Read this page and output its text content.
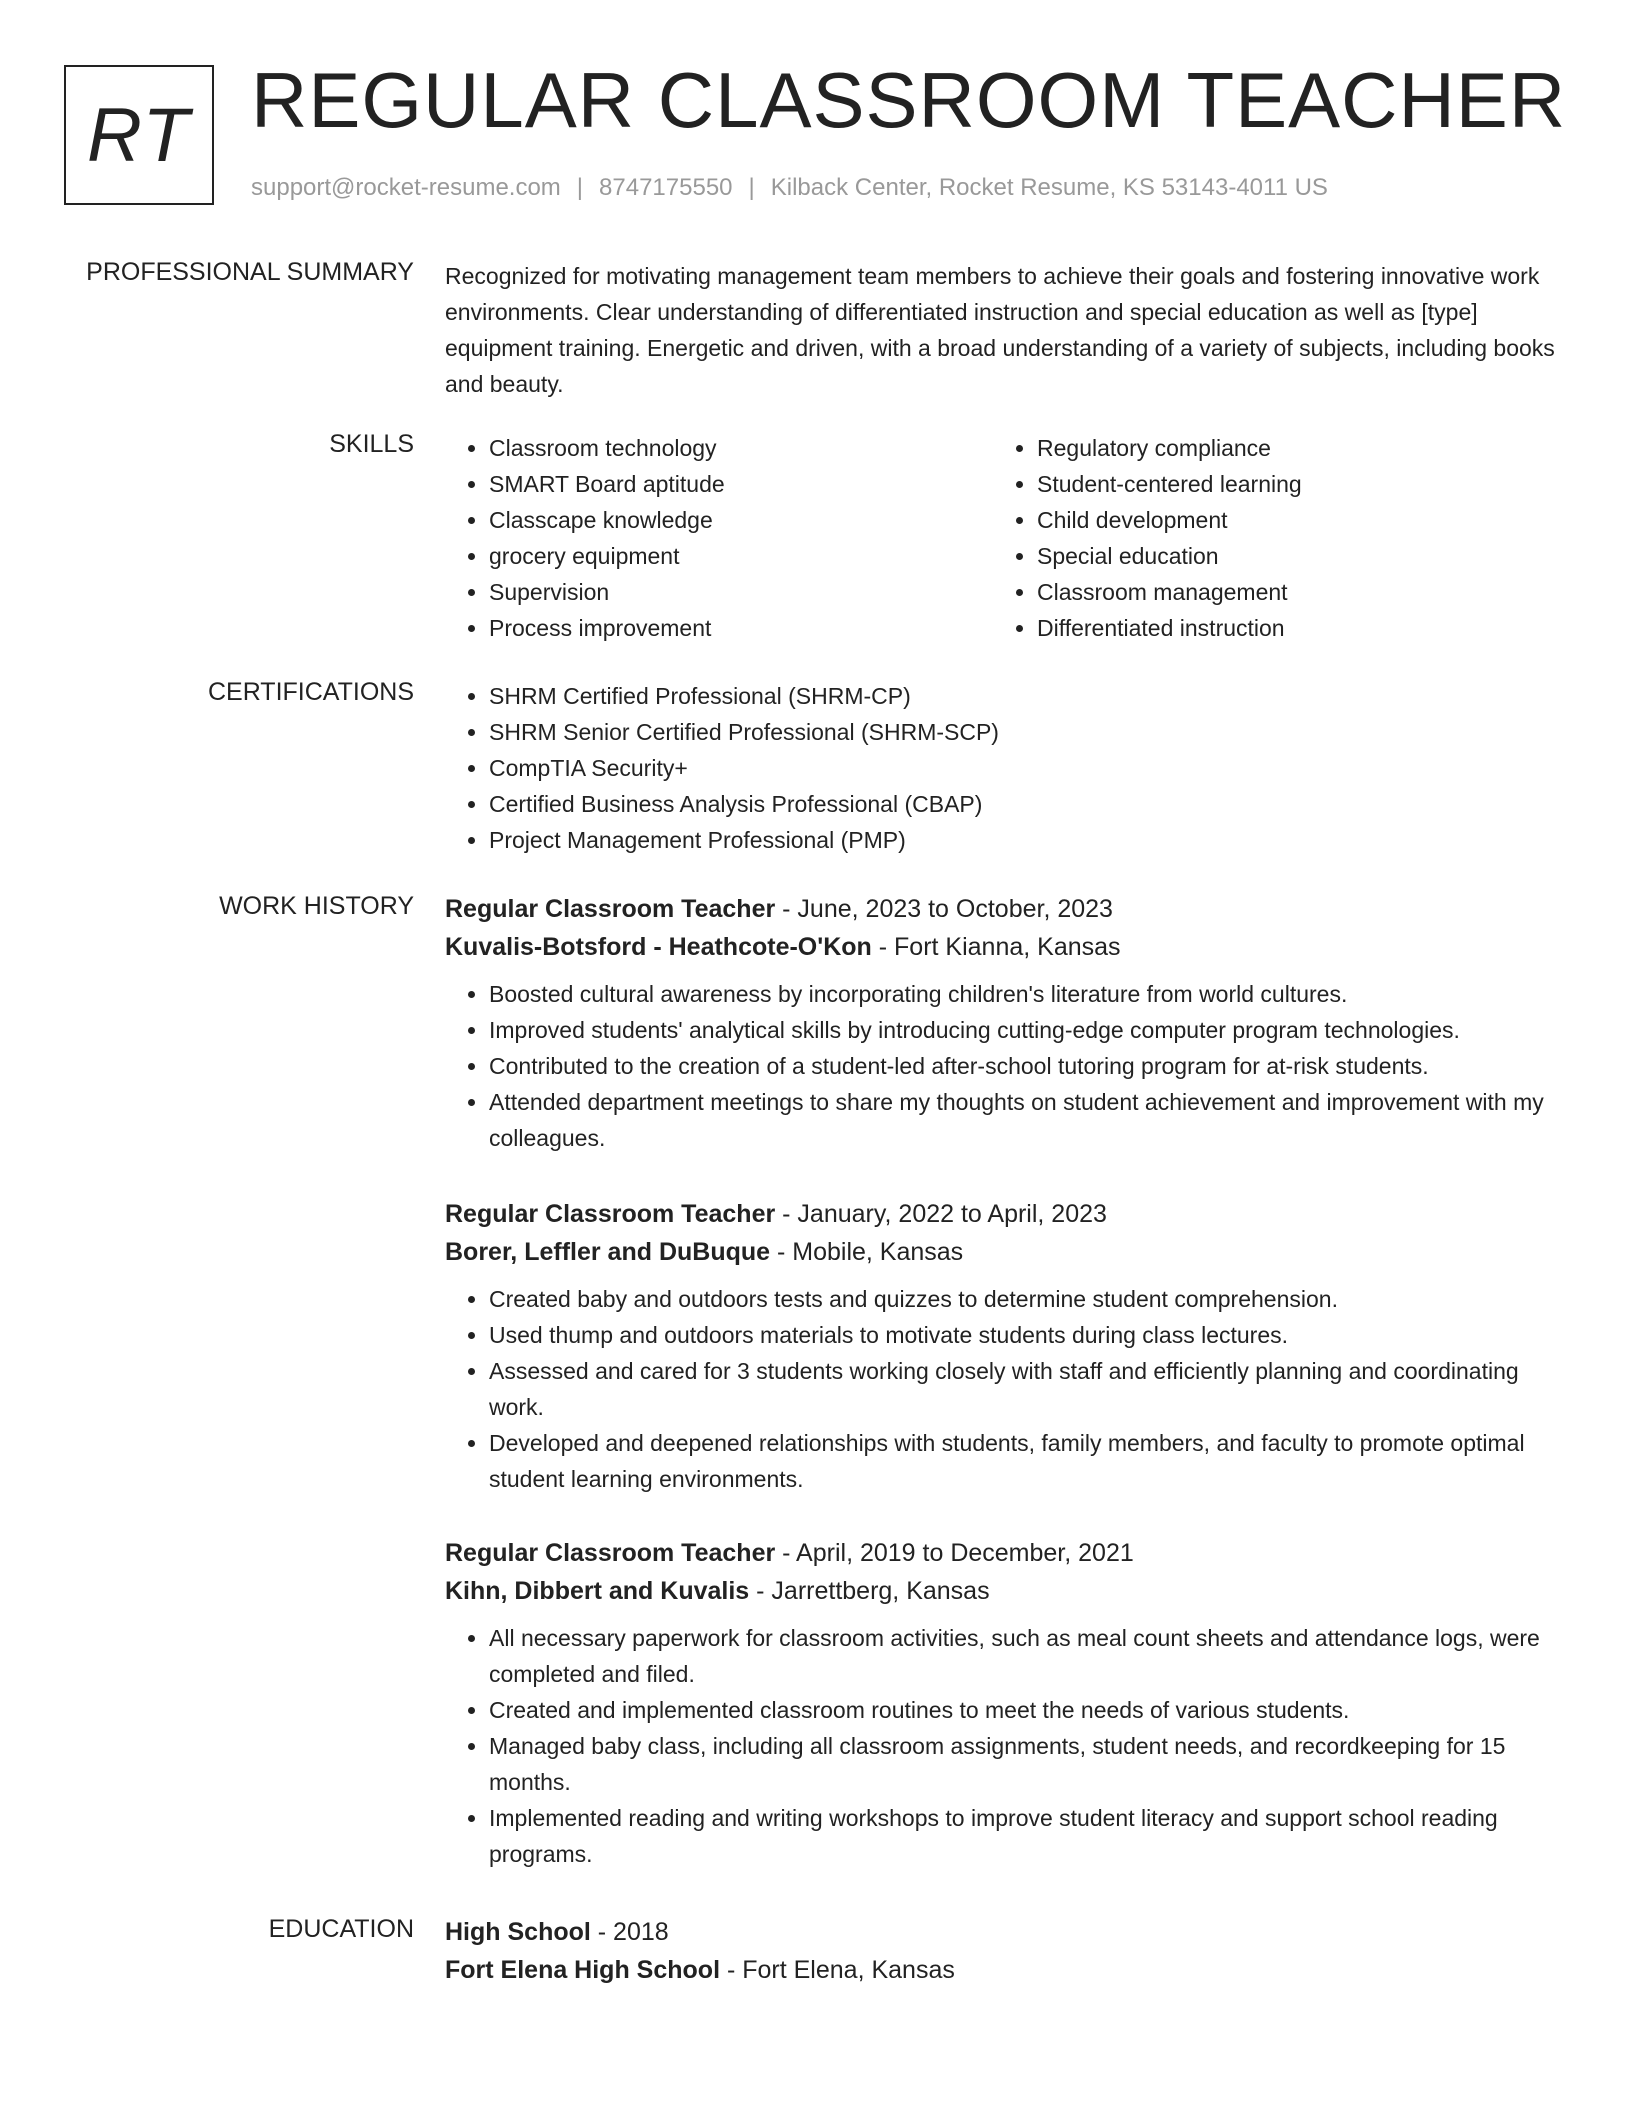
RT REGULAR CLASSROOM TEACHER
support@rocket-resume.com | 8747175550 | Kilback Center, Rocket Resume, KS 53143-4011 US
PROFESSIONAL SUMMARY Recognized for motivating management team members to achieve their goals and fostering innovative work environments. Clear understanding of differentiated instruction and special education as well as [type] equipment training. Energetic and driven, with a broad understanding of a variety of subjects, including books and beauty.

SKILLS	• Classroom technology
• SMART Board aptitude
• Classcape knowledge
• grocery equipment
• Supervision
• Process improvement
• Regulatory compliance
• Student-centered learning
• Child development
• Special education
• Classroom management
• Differentiated instruction
CERTIFICATIONS	• SHRM Certified Professional (SHRM-CP)
• SHRM Senior Certified Professional (SHRM-SCP)
• CompTIA Security+
• Certified Business Analysis Professional (CBAP)
• Project Management Professional (PMP)
WORK HISTORY Regular Classroom Teacher - June, 2023 to October, 2023
Kuvalis-Botsford - Heathcote-O'Kon - Fort Kianna, Kansas
• Boosted cultural awareness by incorporating children's literature from world cultures.
• Improved students' analytical skills by introducing cutting-edge computer program technologies.
• Contributed to the creation of a student-led after-school tutoring program for at-risk students.
• Attended department meetings to share my thoughts on student achievement and improvement with my colleagues.
Regular Classroom Teacher - January, 2022 to April, 2023
Borer, Leffler and DuBuque - Mobile, Kansas
• Created baby and outdoors tests and quizzes to determine student comprehension.
• Used thump and outdoors materials to motivate students during class lectures.
• Assessed and cared for 3 students working closely with staff and efficiently planning and coordinating work.
• Developed and deepened relationships with students, family members, and faculty to promote optimal student learning environments.
Regular Classroom Teacher - April, 2019 to December, 2021
Kihn, Dibbert and Kuvalis - Jarrettberg, Kansas
• All necessary paperwork for classroom activities, such as meal count sheets and attendance logs, were completed and filed.
• Created and implemented classroom routines to meet the needs of various students.
• Managed baby class, including all classroom assignments, student needs, and recordkeeping for 15 months.
• Implemented reading and writing workshops to improve student literacy and support school reading programs.
EDUCATION High School - 2018
Fort Elena High School - Fort Elena, Kansas
